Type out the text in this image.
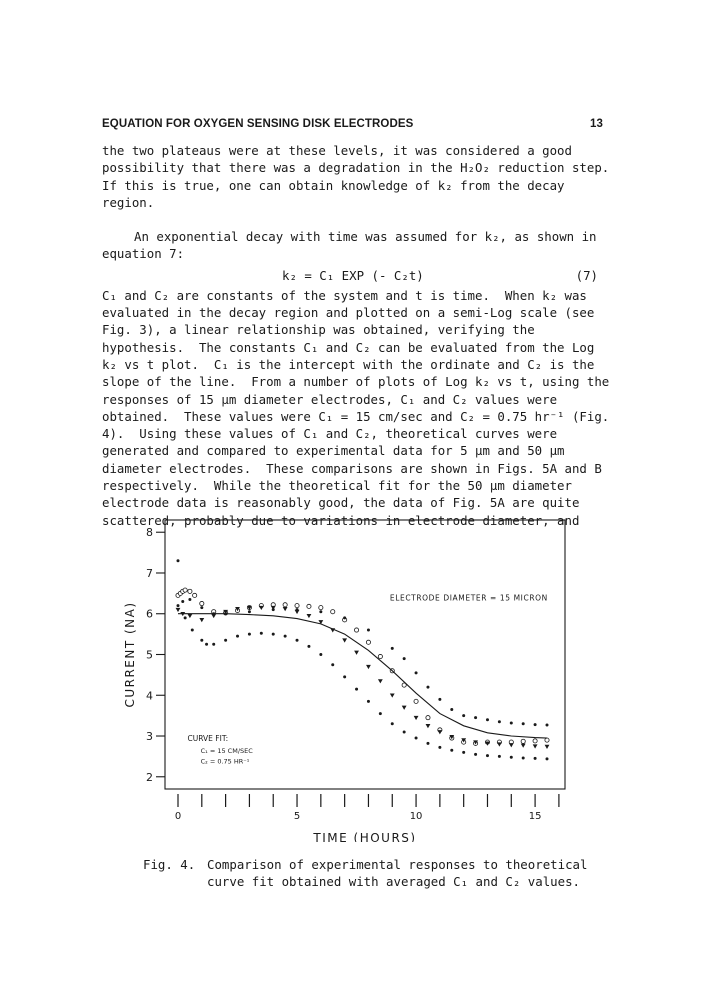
EQUATION FOR OXYGEN SENSING DISK ELECTRODES	13

the two plateaus were at these levels, it was considered a good possibility that there was a degradation in the H₂O₂ reduction step.  If this is true, one can obtain knowledge of k₂ from the decay region.

An exponential decay with time was assumed for k₂, as shown in equation 7:

k₂ = C₁ EXP (- C₂t)	(7)

C₁ and C₂ are constants of the system and t is time.  When k₂ was evaluated in the decay region and plotted on a semi-Log scale (see Fig. 3), a linear relationship was obtained, verifying the hypothesis.  The constants C₁ and C₂ can be evaluated from the Log k₂ vs t plot.  C₁ is the intercept with the ordinate and C₂ is the slope of the line.  From a number of plots of Log k₂ vs t, using the responses of 15 µm diameter electrodes, C₁ and C₂ values were obtained.  These values were C₁ = 15 cm/sec and C₂ = 0.75 hr⁻¹ (Fig. 4).  Using these values of C₁ and C₂, theoretical curves were generated and compared to experimental data for 5 µm and 50 µm diameter electrodes.  These comparisons are shown in Figs. 5A and B respectively.  While the theoretical fit for the 50 µm diameter electrode data is reasonably good, the data of Fig. 5A are quite scattered, probably due to variations in electrode diameter, and

2
3
4
5
6
7
8
0	5	10	15
TIME (HOURS)
CURRENT (NA)
ELECTRODE DIAMETER = 15 MICRON
CURVE FIT:
C₁ = 15 CM/SEC
C₂ = 0.75 HR⁻¹
Fig. 4. Comparison of experimental responses to theoretical

curve fit obtained with averaged C₁ and C₂ values.
